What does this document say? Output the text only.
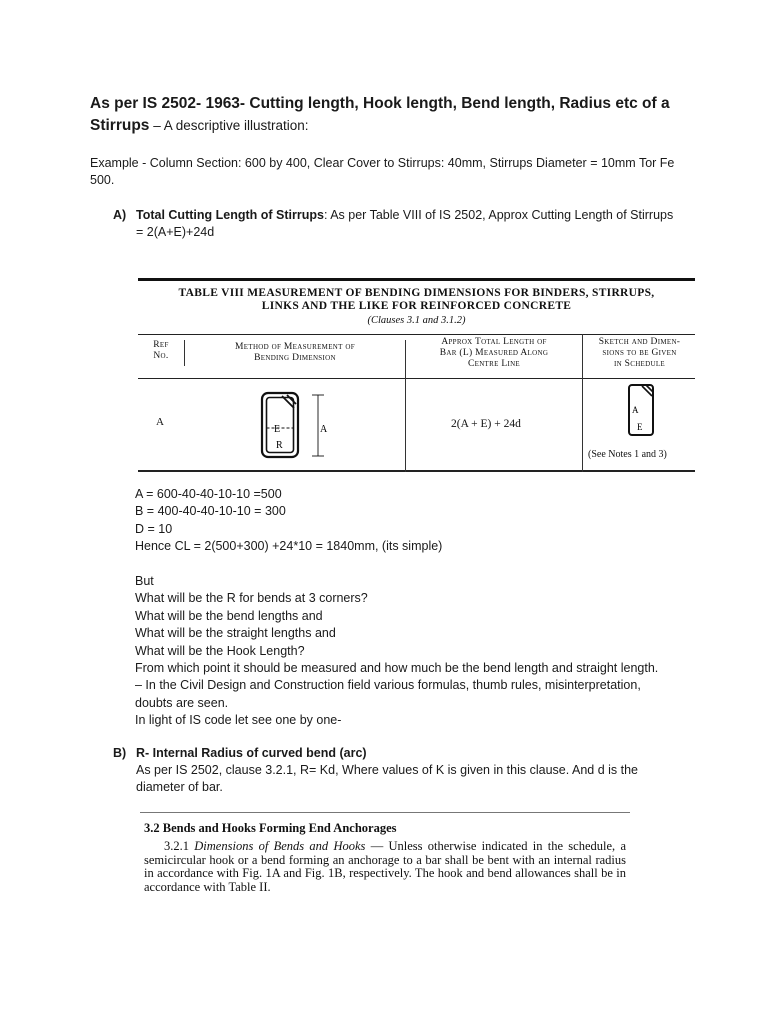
As per IS 2502- 1963- Cutting length, Hook length, Bend length, Radius etc of a Stirrups – A descriptive illustration:
Example - Column Section: 600 by 400, Clear Cover to Stirrups: 40mm, Stirrups Diameter = 10mm Tor Fe 500.
A) Total Cutting Length of Stirrups: As per Table VIII of IS 2502, Approx Cutting Length of Stirrups = 2(A+E)+24d
TABLE VIII MEASUREMENT OF BENDING DIMENSIONS FOR BINDERS, STIRRUPS,
LINKS AND THE LIKE FOR REINFORCED CONCRETE
(Clauses 3.1 and 3.1.2)
Ref
No.
Method of Measurement of
Bending Dimension
Approx Total Length of
Bar (L) Measured Along
Centre Line
Sketch and Dimen-
sions to be Given
in Schedule
A
E	A
R
2(A + E) + 24d
A
E
(See Notes 1 and 3)
A = 600-40-40-10-10 =500
B = 400-40-40-10-10 = 300
D = 10
Hence CL = 2(500+300) +24*10 = 1840mm, (its simple)
But
What will be the R for bends at 3 corners?
What will be the bend lengths and
What will be the straight lengths and
What will be the Hook Length?
From which point it should be measured and how much be the bend length and straight length.
– In the Civil Design and Construction field various formulas, thumb rules, misinterpretation,
doubts are seen.
In light of IS code let see one by one-
B) R- Internal Radius of curved bend (arc)
As per IS 2502, clause 3.2.1, R= Kd, Where values of K is given in this clause. And d is the
diameter of bar.
3.2 Bends and Hooks Forming End Anchorages
3.2.1 Dimensions of Bends and Hooks — Unless otherwise indicated in the schedule, a semicircular hook or a bend forming an anchorage to a bar shall be bent with an internal radius in accordance with Fig. 1A and Fig. 1B, respectively. The hook and bend allowances shall be in accordance with Table II.
